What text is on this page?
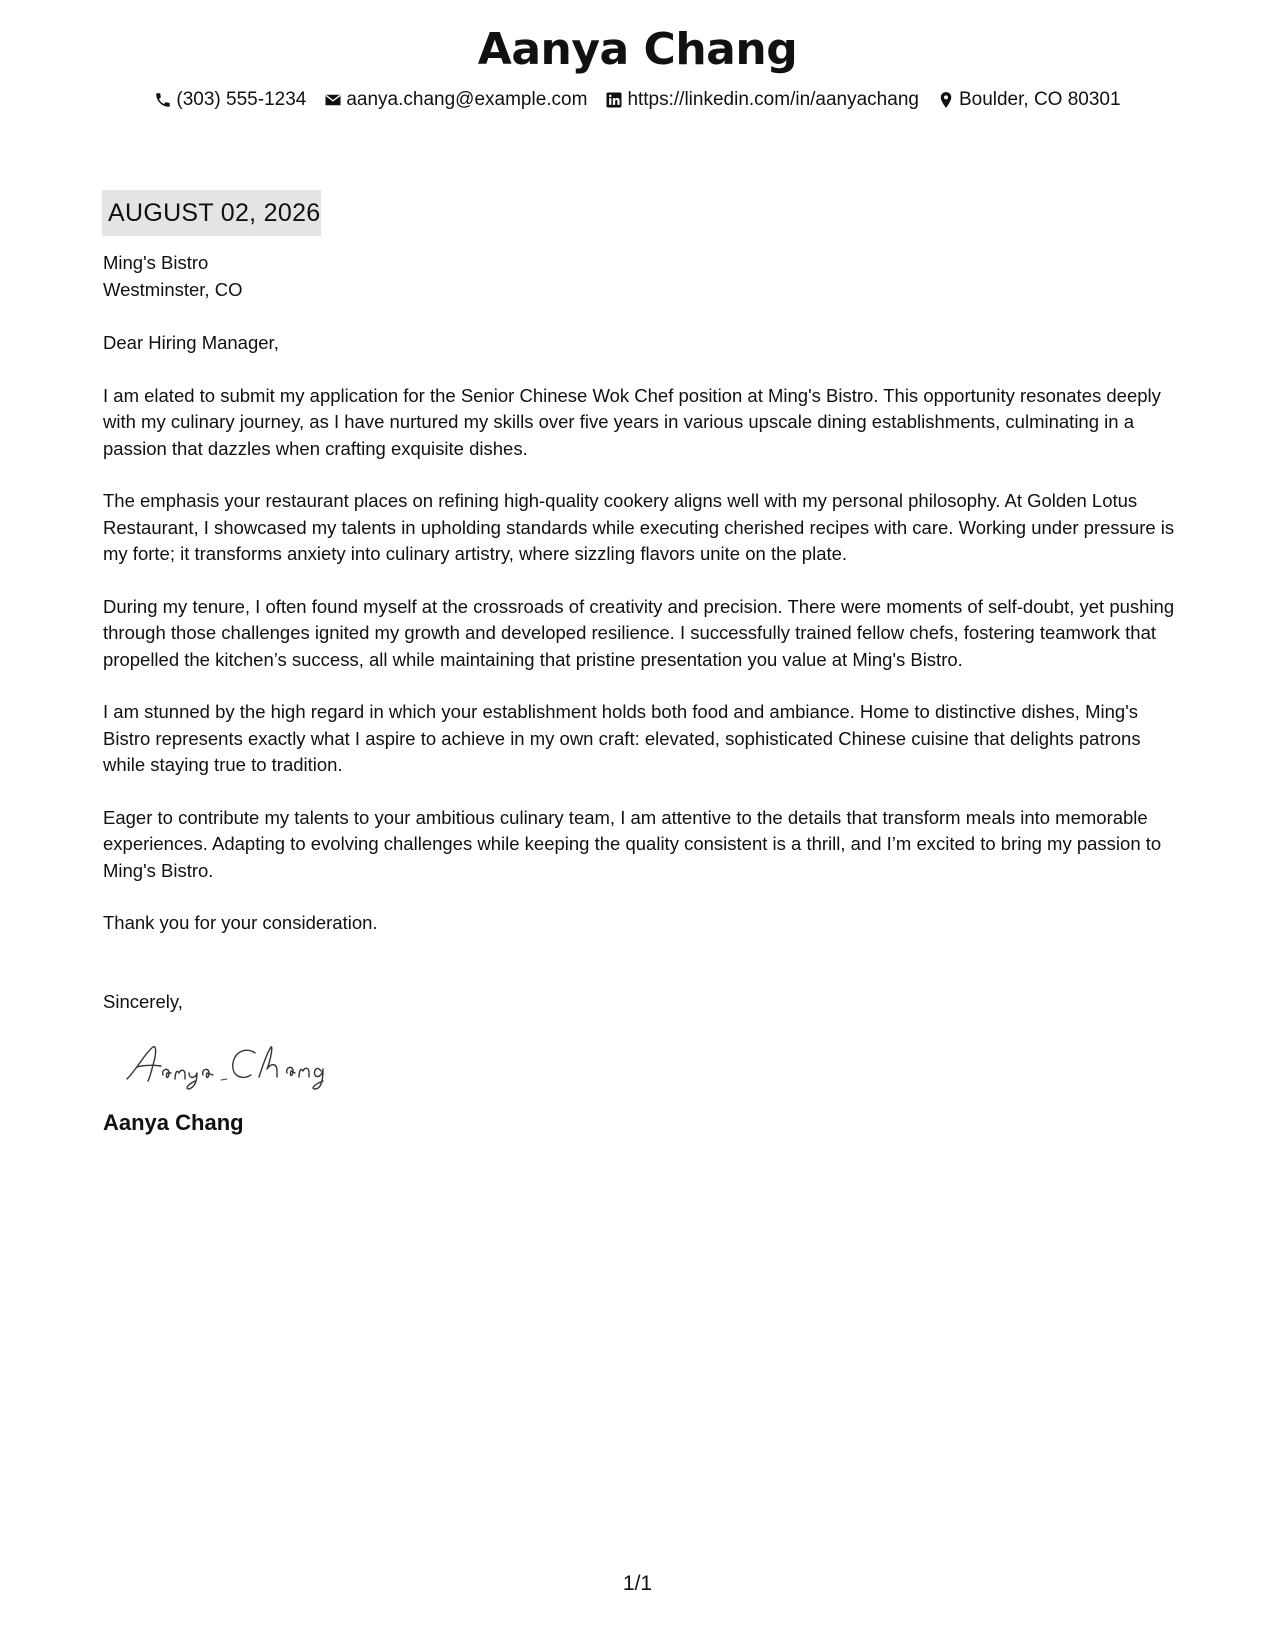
Aanya Chang
(303) 555-1234 aanya.chang@example.com https://linkedin.com/in/aanyachang Boulder, CO 80301
AUGUST 02, 2026
Ming's Bistro
Westminster, CO
Dear Hiring Manager,

I am elated to submit my application for the Senior Chinese Wok Chef position at Ming's Bistro. This opportunity resonates deeply with my culinary journey, as I have nurtured my skills over five years in various upscale dining establishments, culminating in a passion that dazzles when crafting exquisite dishes.

The emphasis your restaurant places on refining high-quality cookery aligns well with my personal philosophy. At Golden Lotus Restaurant, I showcased my talents in upholding standards while executing cherished recipes with care. Working under pressure is my forte; it transforms anxiety into culinary artistry, where sizzling flavors unite on the plate.

During my tenure, I often found myself at the crossroads of creativity and precision. There were moments of self-doubt, yet pushing through those challenges ignited my growth and developed resilience. I successfully trained fellow chefs, fostering teamwork that propelled the kitchen’s success, all while maintaining that pristine presentation you value at Ming's Bistro.

I am stunned by the high regard in which your establishment holds both food and ambiance. Home to distinctive dishes, Ming's Bistro represents exactly what I aspire to achieve in my own craft: elevated, sophisticated Chinese cuisine that delights patrons while staying true to tradition.

Eager to contribute my talents to your ambitious culinary team, I am attentive to the details that transform meals into memorable experiences. Adapting to evolving challenges while keeping the quality consistent is a thrill, and I’m excited to bring my passion to Ming's Bistro.

Thank you for your consideration.
Sincerely,
Aanya Chang
1/1
